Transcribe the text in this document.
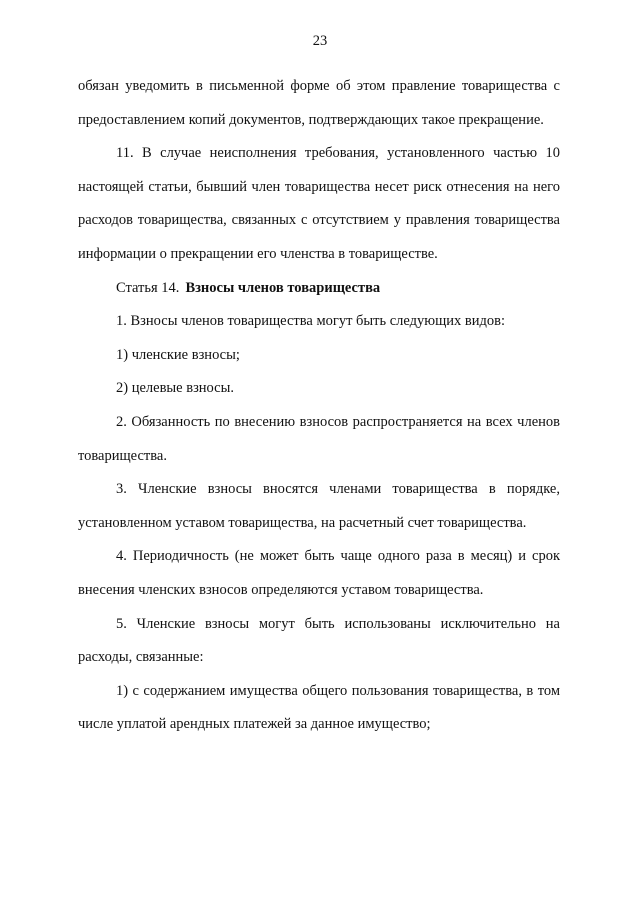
23

обязан уведомить в письменной форме об этом правление товарищества с предоставлением копий документов, подтверждающих такое прекращение.

11. В случае неисполнения требования, установленного частью 10 настоящей статьи, бывший член товарищества несет риск отнесения на него расходов товарищества, связанных с отсутствием у правления товарищества информации о прекращении его членства в товариществе.

Статья 14. Взносы членов товарищества

1. Взносы членов товарищества могут быть следующих видов:

1) членские взносы;

2) целевые взносы.

2. Обязанность по внесению взносов распространяется на всех членов товарищества.

3. Членские взносы вносятся членами товарищества в порядке, установленном уставом товарищества, на расчетный счет товарищества.

4. Периодичность (не может быть чаще одного раза в месяц) и срок внесения членских взносов определяются уставом товарищества.

5. Членские взносы могут быть использованы исключительно на расходы, связанные:

1) с содержанием имущества общего пользования товарищества, в том числе уплатой арендных платежей за данное имущество;
